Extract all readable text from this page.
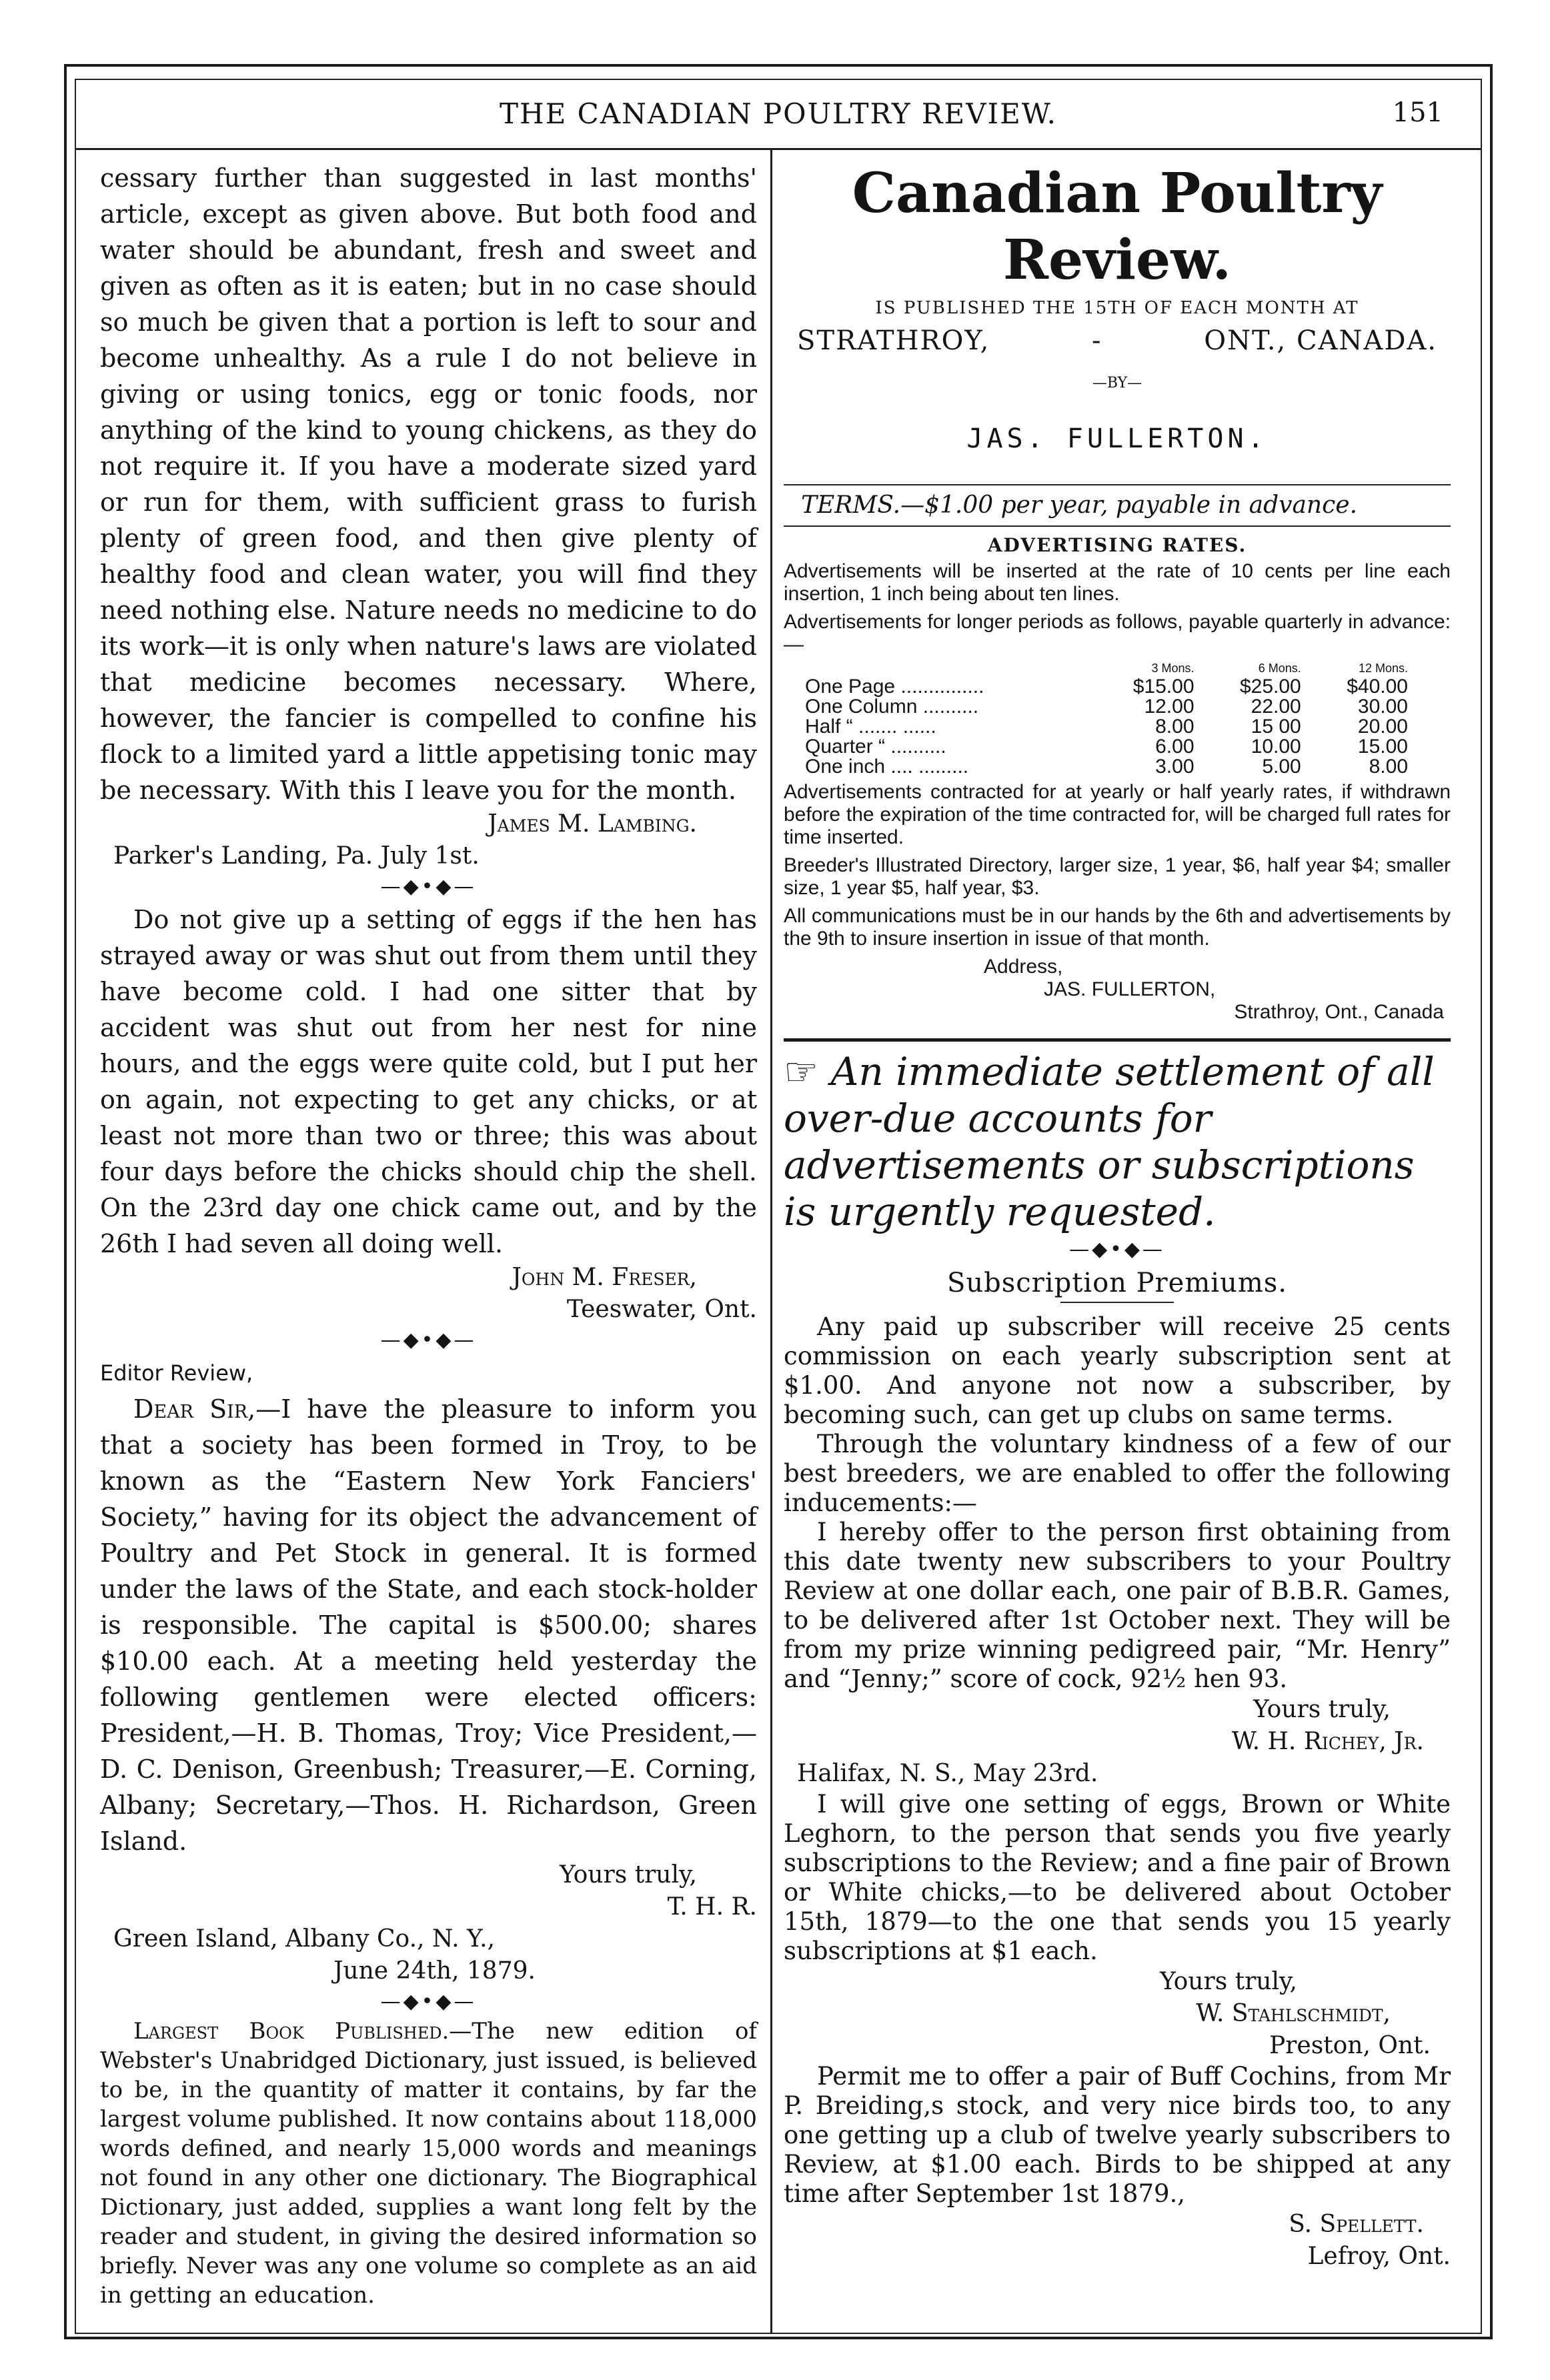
THE CANADIAN POULTRY REVIEW.	151

cessary further than suggested in last months' article, except as given above. But both food and water should be abundant, fresh and sweet and given as often as it is eaten; but in no case should so much be given that a portion is left to sour and become unhealthy. As a rule I do not believe in giving or using tonics, egg or tonic foods, nor anything of the kind to young chickens, as they do not require it. If you have a moderate sized yard or run for them, with sufficient grass to furish plenty of green food, and then give plenty of healthy food and clean water, you will find they need nothing else. Nature needs no medicine to do its work—it is only when nature's laws are violated that medicine becomes necessary. Where, however, the fancier is compelled to confine his flock to a limited yard a little appetising tonic may be necessary. With this I leave you for the month.

James M. Lambing.

Parker's Landing, Pa. July 1st.

—◆•◆—

Do not give up a setting of eggs if the hen has strayed away or was shut out from them until they have become cold. I had one sitter that by accident was shut out from her nest for nine hours, and the eggs were quite cold, but I put her on again, not expecting to get any chicks, or at least not more than two or three; this was about four days before the chicks should chip the shell. On the 23rd day one chick came out, and by the 26th I had seven all doing well.

John M. Freser,

Teeswater, Ont.

—◆•◆—

Editor Review,

Dear Sir,—I have the pleasure to inform you that a society has been formed in Troy, to be known as the “Eastern New York Fanciers' Society,” having for its object the advancement of Poultry and Pet Stock in general. It is formed under the laws of the State, and each stock-holder is responsible. The capital is $500.00; shares $10.00 each. At a meeting held yesterday the following gentlemen were elected officers: President,—H. B. Thomas, Troy; Vice President,—D. C. Denison, Greenbush; Treasurer,—E. Corning, Albany; Secretary,—Thos. H. Richardson, Green Island.

Yours truly,

T. H. R.

Green Island, Albany Co., N. Y.,

June 24th, 1879.

—◆•◆—

Largest Book Published.—The new edition of Webster's Unabridged Dictionary, just issued, is believed to be, in the quantity of matter it contains, by far the largest volume published. It now contains about 118,000 words defined, and nearly 15,000 words and meanings not found in any other one dictionary. The Biographical Dictionary, just added, supplies a want long felt by the reader and student, in giving the desired information so briefly. Never was any one volume so complete as an aid in getting an education.

Canadian Poultry Review.

IS PUBLISHED THE 15TH OF EACH MONTH AT

STRATHROY,	-	ONT., CANADA.

—BY—

JAS. FULLERTON.

TERMS.—$1.00 per year, payable in advance.

ADVERTISING RATES.

Advertisements will be inserted at the rate of 10 cents per line each insertion, 1 inch being about ten lines.

Advertisements for longer periods as follows, payable quarterly in advance:—

	3 Mons.	6 Mons.	12 Mons.
One Page ...............	$15.00	$25.00	$40.00
One Column ..........	12.00	22.00	30.00
Half “ ....... ......	8.00	15 00	20.00
Quarter “ ..........	6.00	10.00	15.00
One inch .... .........	3.00	5.00	8.00

Advertisements contracted for at yearly or half yearly rates, if withdrawn before the expiration of the time contracted for, will be charged full rates for time inserted.

Breeder's Illustrated Directory, larger size, 1 year, $6, half year $4; smaller size, 1 year $5, half year, $3.

All communications must be in our hands by the 6th and advertisements by the 9th to insure insertion in issue of that month.

Address,
JAS. FULLERTON,
Strathroy, Ont., Canada

☞ An immediate settlement of all over-due accounts for advertisements or subscriptions is urgently requested.

—◆•◆—

Subscription Premiums.

Any paid up subscriber will receive 25 cents commission on each yearly subscription sent at $1.00. And anyone not now a subscriber, by becoming such, can get up clubs on same terms.

Through the voluntary kindness of a few of our best breeders, we are enabled to offer the following inducements:—

I hereby offer to the person first obtaining from this date twenty new subscribers to your Poultry Review at one dollar each, one pair of B.B.R. Games, to be delivered after 1st October next. They will be from my prize winning pedigreed pair, “Mr. Henry” and “Jenny;” score of cock, 92½ hen 93.

Yours truly,

W. H. Richey, Jr.

Halifax, N. S., May 23rd.

I will give one setting of eggs, Brown or White Leghorn, to the person that sends you five yearly subscriptions to the Review; and a fine pair of Brown or White chicks,—to be delivered about October 15th, 1879—to the one that sends you 15 yearly subscriptions at $1 each.

Yours truly,

W. Stahlschmidt,

Preston, Ont.

Permit me to offer a pair of Buff Cochins, from Mr P. Breiding,s stock, and very nice birds too, to any one getting up a club of twelve yearly subscribers to Review, at $1.00 each. Birds to be shipped at any time after September 1st 1879.,

S. Spellett.

Lefroy, Ont.
